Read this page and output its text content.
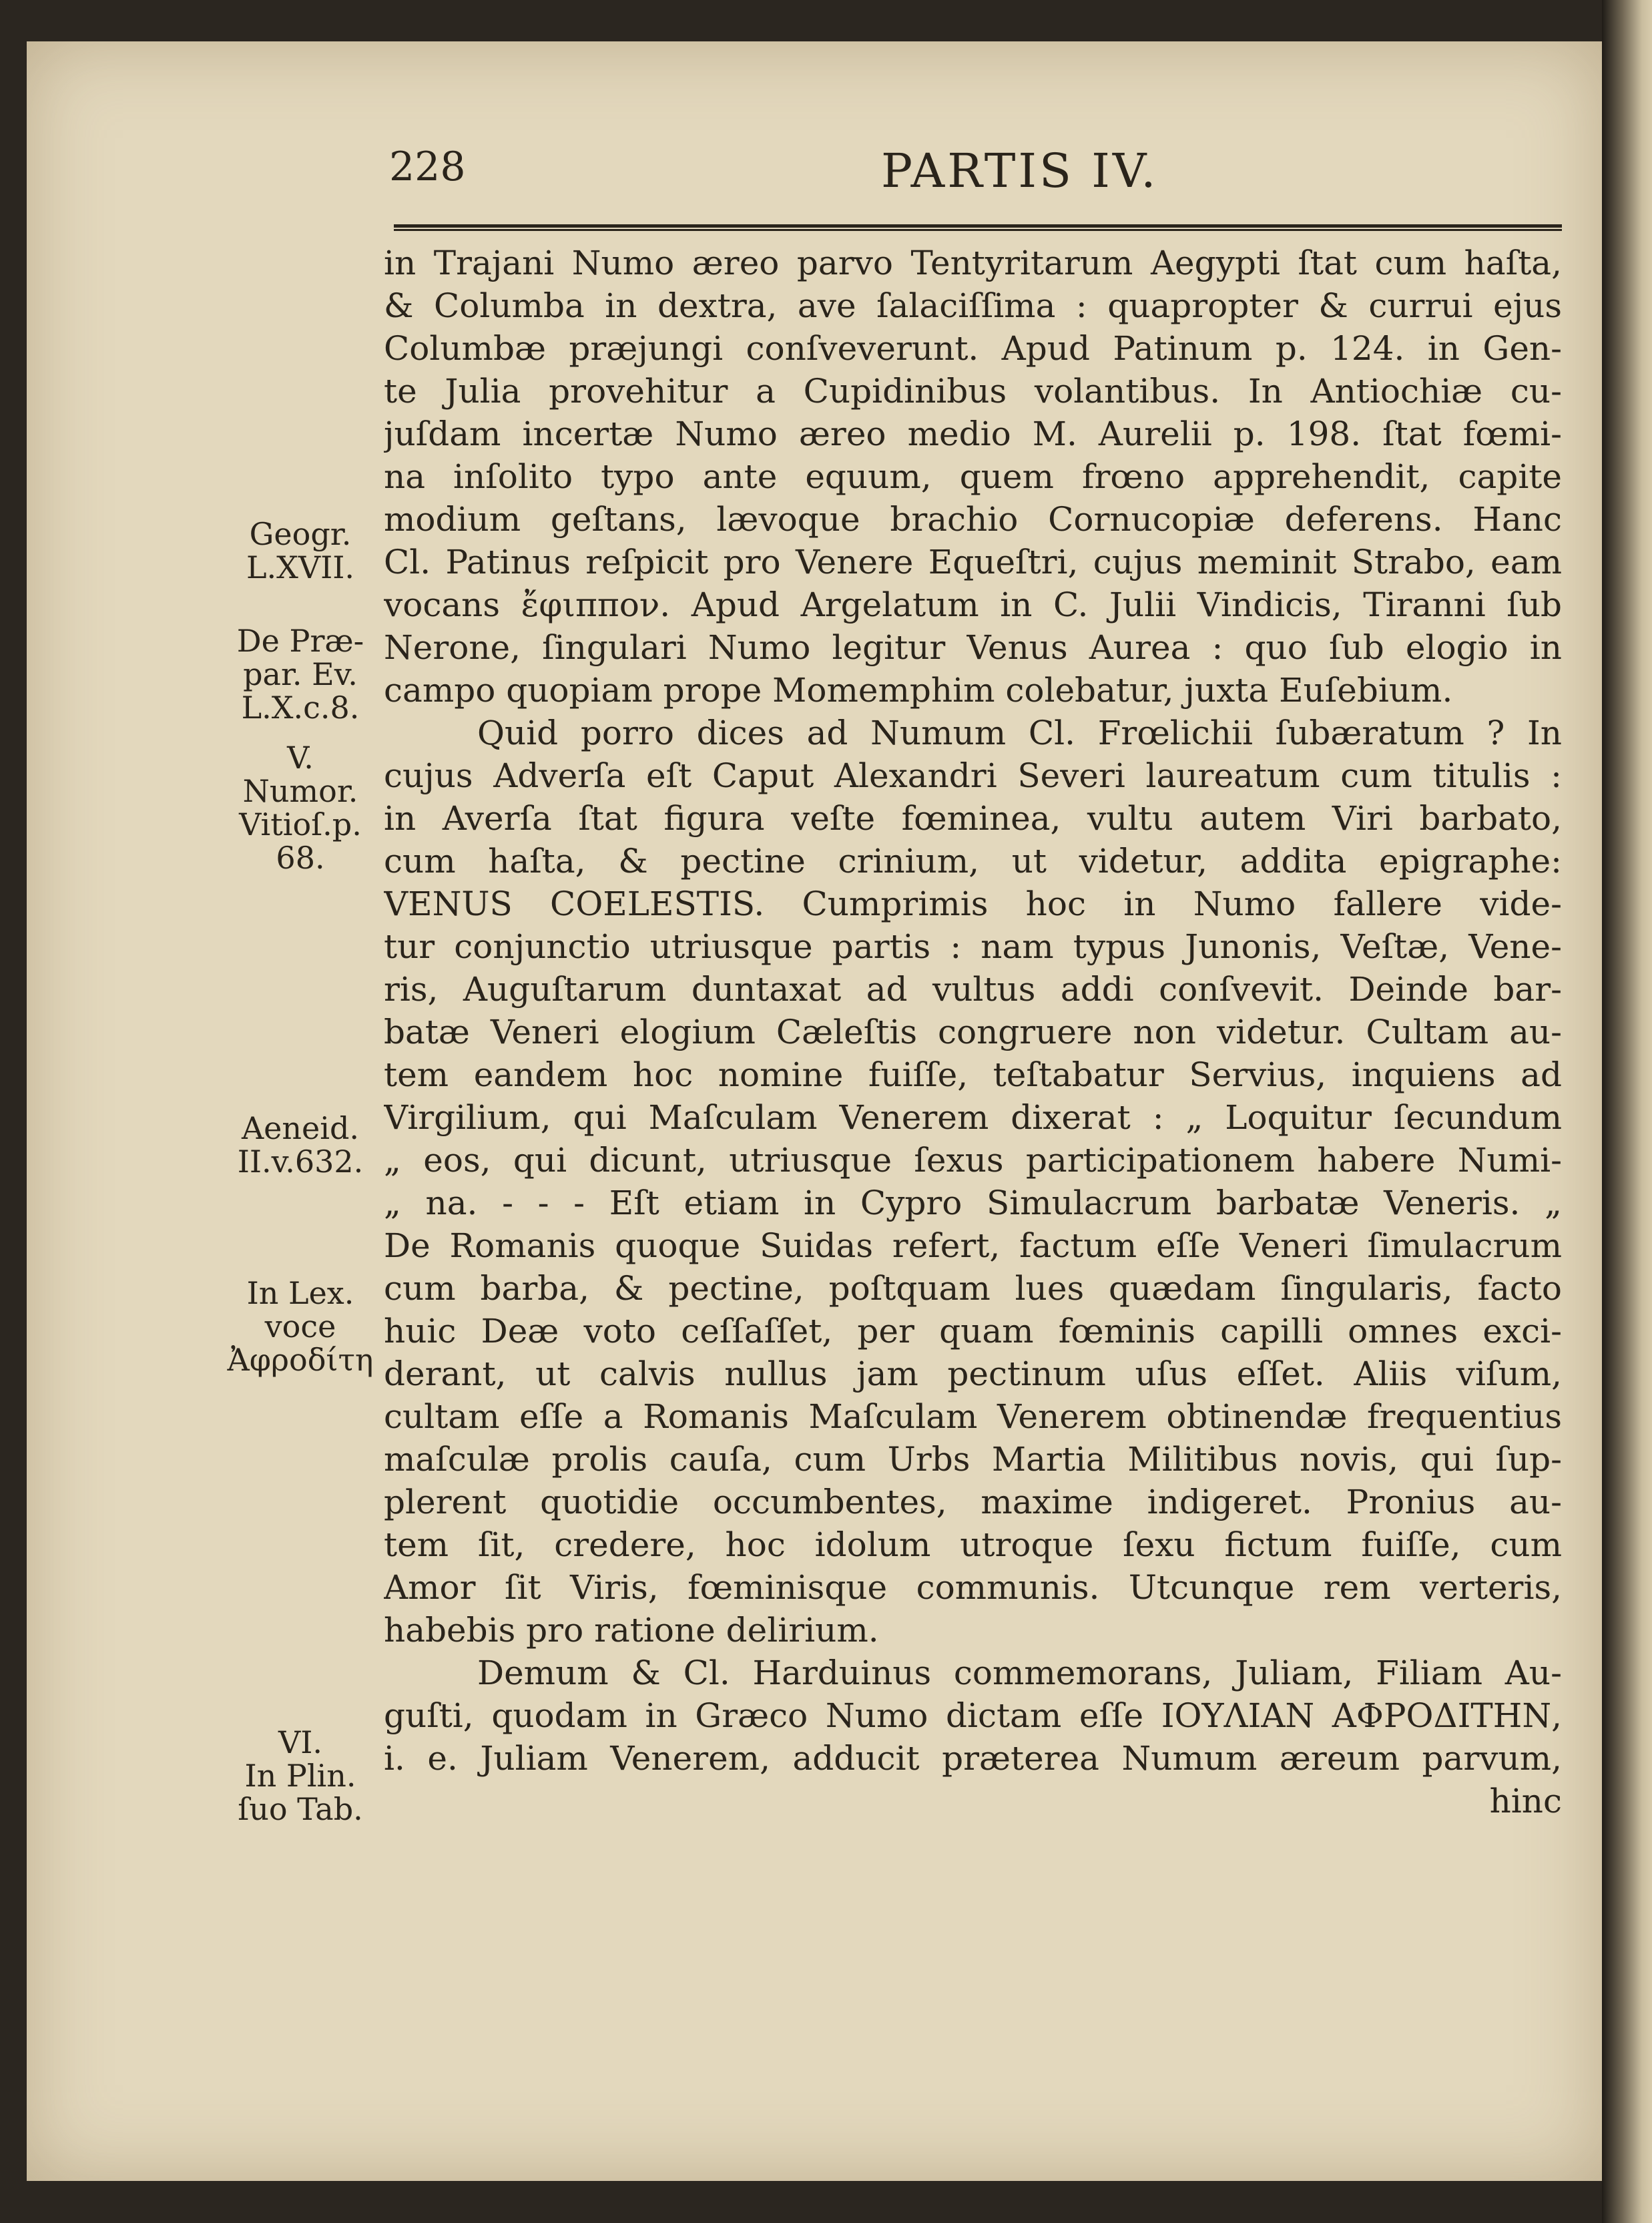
228	PARTIS IV.
in Trajani Numo æreo parvo Tentyritarum Aegypti ſtat cum haſta,
& Columba in dextra, ave ſalaciſſima : quapropter & currui ejus
Columbæ præjungi conſveverunt. Apud Patinum p. 124. in Gen-
te Julia provehitur a Cupidinibus volantibus. In Antiochiæ cu-
juſdam incertæ Numo æreo medio M. Aurelii p. 198. ſtat fœmi-
na inſolito typo ante equum, quem frœno apprehendit, capite
modium geſtans, lævoque brachio Cornucopiæ deferens. Hanc
Cl. Patinus reſpicit pro Venere Equeſtri, cujus meminit Strabo, eam
vocans ἔφιππον. Apud Argelatum in C. Julii Vindicis, Tiranni ſub
Nerone, ſingulari Numo legitur Venus Aurea : quo ſub elogio in
campo quopiam prope Momemphim colebatur, juxta Euſebium.
Quid porro dices ad Numum Cl. Frœlichii ſubæratum ? In
cujus Adverſa eſt Caput Alexandri Severi laureatum cum titulis :
in Averſa ſtat figura veſte fœminea, vultu autem Viri barbato,
cum haſta, & pectine crinium, ut videtur, addita epigraphe:
VENUS COELESTIS. Cumprimis hoc in Numo fallere vide-
tur conjunctio utriusque partis : nam typus Junonis, Veſtæ, Vene-
ris, Auguſtarum duntaxat ad vultus addi conſvevit. Deinde bar-
batæ Veneri elogium Cæleſtis congruere non videtur. Cultam au-
tem eandem hoc nomine fuiſſe, teſtabatur Servius, inquiens ad
Virgilium, qui Maſculam Venerem dixerat : „ Loquitur ſecundum
„ eos, qui dicunt, utriusque ſexus participationem habere Numi-
„ na. - - - Eſt etiam in Cypro Simulacrum barbatæ Veneris. „
De Romanis quoque Suidas refert, factum eſſe Veneri ſimulacrum
cum barba, & pectine, poſtquam lues quædam ſingularis, facto
huic Deæ voto ceſſaſſet, per quam fœminis capilli omnes exci-
derant, ut calvis nullus jam pectinum uſus eſſet. Aliis viſum,
cultam eſſe a Romanis Maſculam Venerem obtinendæ frequentius
maſculæ prolis cauſa, cum Urbs Martia Militibus novis, qui ſup-
plerent quotidie occumbentes, maxime indigeret. Pronius au-
tem ſit, credere, hoc idolum utroque ſexu fictum fuiſſe, cum
Amor ſit Viris, fœminisque communis. Utcunque rem verteris,
habebis pro ratione delirium.
Demum & Cl. Harduinus commemorans, Juliam, Filiam Au-
guſti, quodam in Græco Numo dictam eſſe ΙΟΥΛΙΑΝ ΑΦΡΟΔΙΤΗΝ,
i. e. Juliam Venerem, adducit præterea Numum æreum parvum,
hinc
Geogr.
L.XVII.
De Præ-
par. Ev.
L.X.c.8.
V.
Numor.
Vitioſ.p.
68.
Aeneid.
II.v.632.
In Lex.
voce
Ἀφροδίτη
VI.
In Plin.
ſuo Tab.
